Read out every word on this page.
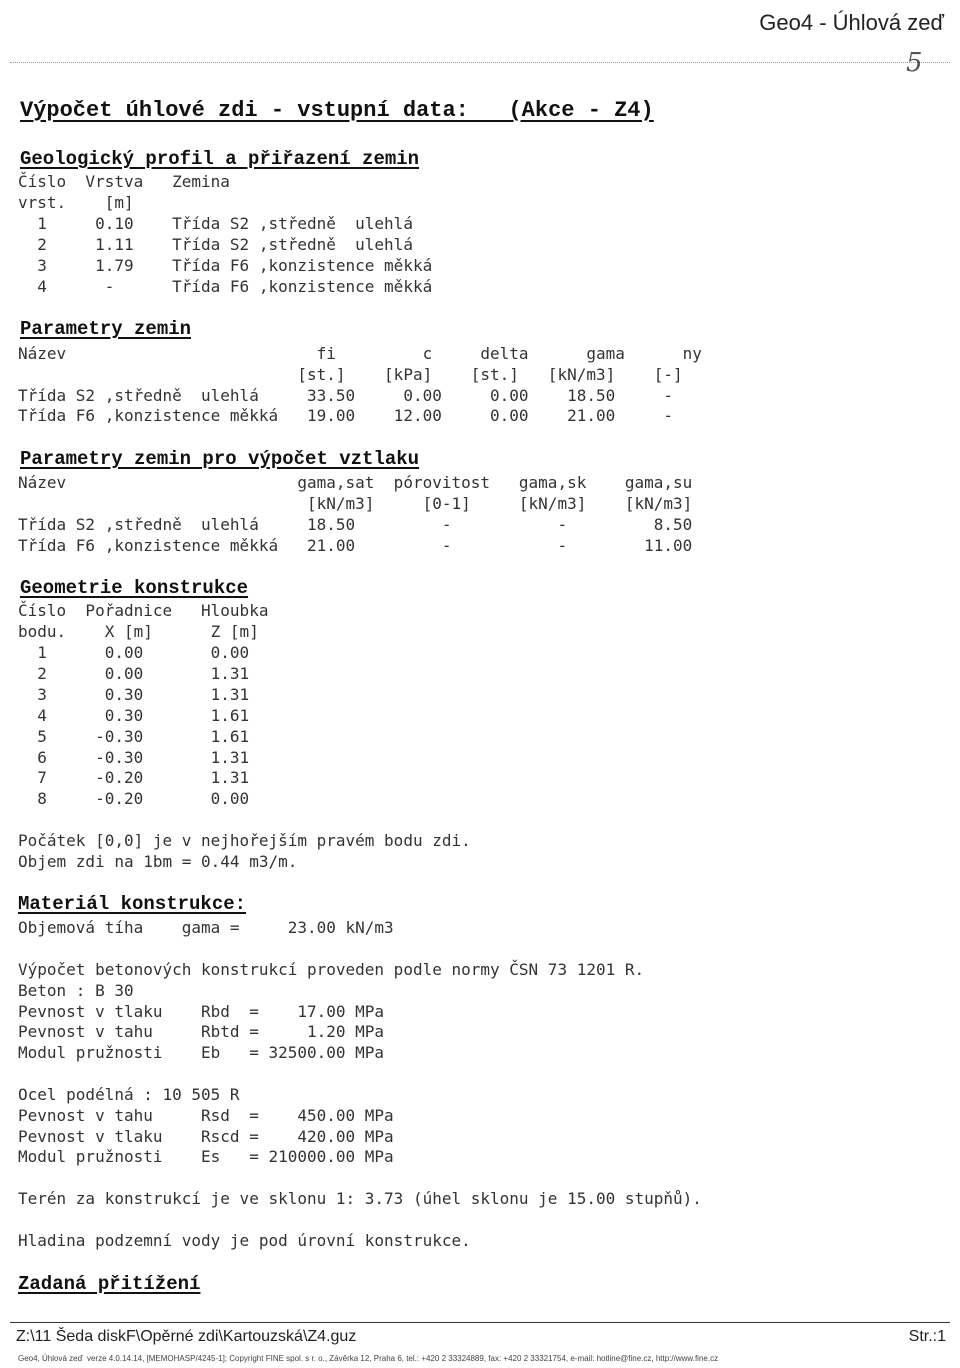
Geo4 - Úhlová zeď
5
Výpočet úhlové zdi - vstupní data:   (Akce - Z4)
Geologický profil a přiřazení zemin
Číslo  Vrstva   Zemina
vrst.    [m]
1     0.10    Třída S2 ,středně  ulehlá
2     1.11    Třída S2 ,středně  ulehlá
3     1.79    Třída F6 ,konzistence měkká
4      -      Třída F6 ,konzistence měkká
Parametry zemin
Název                          fi         c     delta      gama      ny
[st.]    [kPa]    [st.]   [kN/m3]    [-]
Třída S2 ,středně  ulehlá     33.50     0.00     0.00    18.50     -
Třída F6 ,konzistence měkká   19.00    12.00     0.00    21.00     -
Parametry zemin pro výpočet vztlaku
Název                        gama,sat  pórovitost   gama,sk    gama,su
[kN/m3]     [0-1]     [kN/m3]    [kN/m3]
Třída S2 ,středně  ulehlá     18.50         -           -         8.50
Třída F6 ,konzistence měkká   21.00         -           -        11.00
Geometrie konstrukce
Číslo  Pořadnice   Hloubka
bodu.    X [m]      Z [m]
1      0.00       0.00
2      0.00       1.31
3      0.30       1.31
4      0.30       1.61
5     -0.30       1.61
6     -0.30       1.31
7     -0.20       1.31
8     -0.20       0.00
Počátek [0,0] je v nejhořejším pravém bodu zdi.
Objem zdi na 1bm = 0.44 m3/m.
Materiál konstrukce:
Objemová tíha    gama =     23.00 kN/m3
Výpočet betonových konstrukcí proveden podle normy ČSN 73 1201 R.
Beton : B 30
Pevnost v tlaku    Rbd  =    17.00 MPa
Pevnost v tahu     Rbtd =     1.20 MPa
Modul pružnosti    Eb   = 32500.00 MPa
Ocel podélná : 10 505 R
Pevnost v tahu     Rsd  =    450.00 MPa
Pevnost v tlaku    Rscd =    420.00 MPa
Modul pružnosti    Es   = 210000.00 MPa
Terén za konstrukcí je ve sklonu 1: 3.73 (úhel sklonu je 15.00 stupňů).
Hladina podzemní vody je pod úrovní konstrukce.
Zadaná přitížení
Z:\11 Šeda diskF\Opěrné zdi\Kartouzská\Z4.guz	Str.:1
Geo4, Úhlová zeď  verze 4.0.14.14, [MEMOHASP/4245-1]; Copyright FINE spol. s r. o., Závěrka 12, Praha 6, tel.: +420 2 33324889, fax: +420 2 33321754, e-mail: hotline@fine.cz, http://www.fine.cz
